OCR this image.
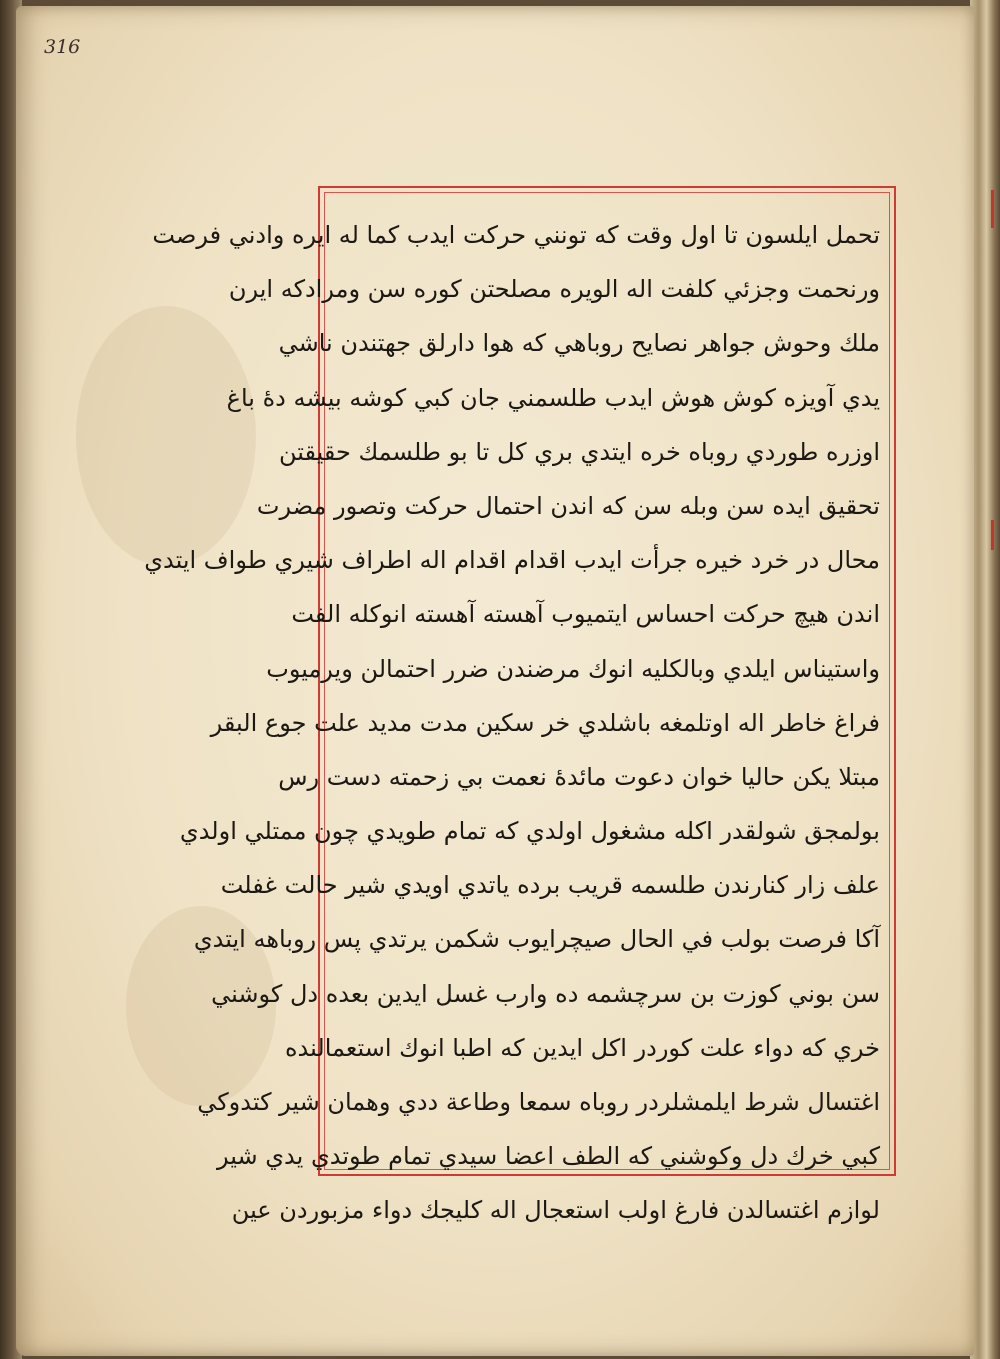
316
تحمل ايلسون تا اول وقت كه تونني حركت ايدب كما له ايره وادني فرصت
ورنحمت وجزئي كلفت اله الويره مصلحتن كوره سن ومرادكه ايرن
ملك وحوش جواهر نصايح روباهي كه هوا دارلق جهتندن ناشي
يدي آويزه كوش هوش ايدب طلسمني جان كبي كوشه بيشه دهٔ باغ
اوزره طوردي روباه خره ايتدي بري كل تا بو طلسمك حقيقتن
تحقيق ايده سن وبله سن كه اندن احتمال حركت وتصور مضرت
محال در خرد خيره جرأت ايدب اقدام اقدام اله اطراف شيري طواف ايتدي
اندن هيچ حركت احساس ايتميوب آهسته آهسته انوكله الفت
واستيناس ايلدي وبالكليه انوك مرضندن ضرر احتمالن ويرميوب
فراغ خاطر اله اوتلمغه باشلدي خر سكين مدت مديد علت جوع البقر
مبتلا يكن حاليا خوان دعوت مائدهٔ نعمت بي زحمته دست رس
بولمجق شولقدر اكله مشغول اولدي كه تمام طويدي چون ممتلي اولدي
علف زار كنارندن طلسمه قريب برده ياتدي اويدي شير حالت غفلت
آكا فرصت بولب في الحال صيچرايوب شكمن يرتدي پس روباهه ايتدي
سن بوني كوزت بن سرچشمه ده وارب غسل ايدين بعده دل كوشني
خري كه دواء علت كوردر اكل ايدين كه اطبا انوك استعمالنده
اغتسال شرط ايلمشلردر روباه سمعا وطاعة ددي وهمان شير كتدوكي
كبي خرك دل وكوشني كه الطف اعضا سيدي تمام طوتدي يدي شير
لوازم اغتسالدن فارغ اولب استعجال اله كليجك دواء مزبوردن عين
